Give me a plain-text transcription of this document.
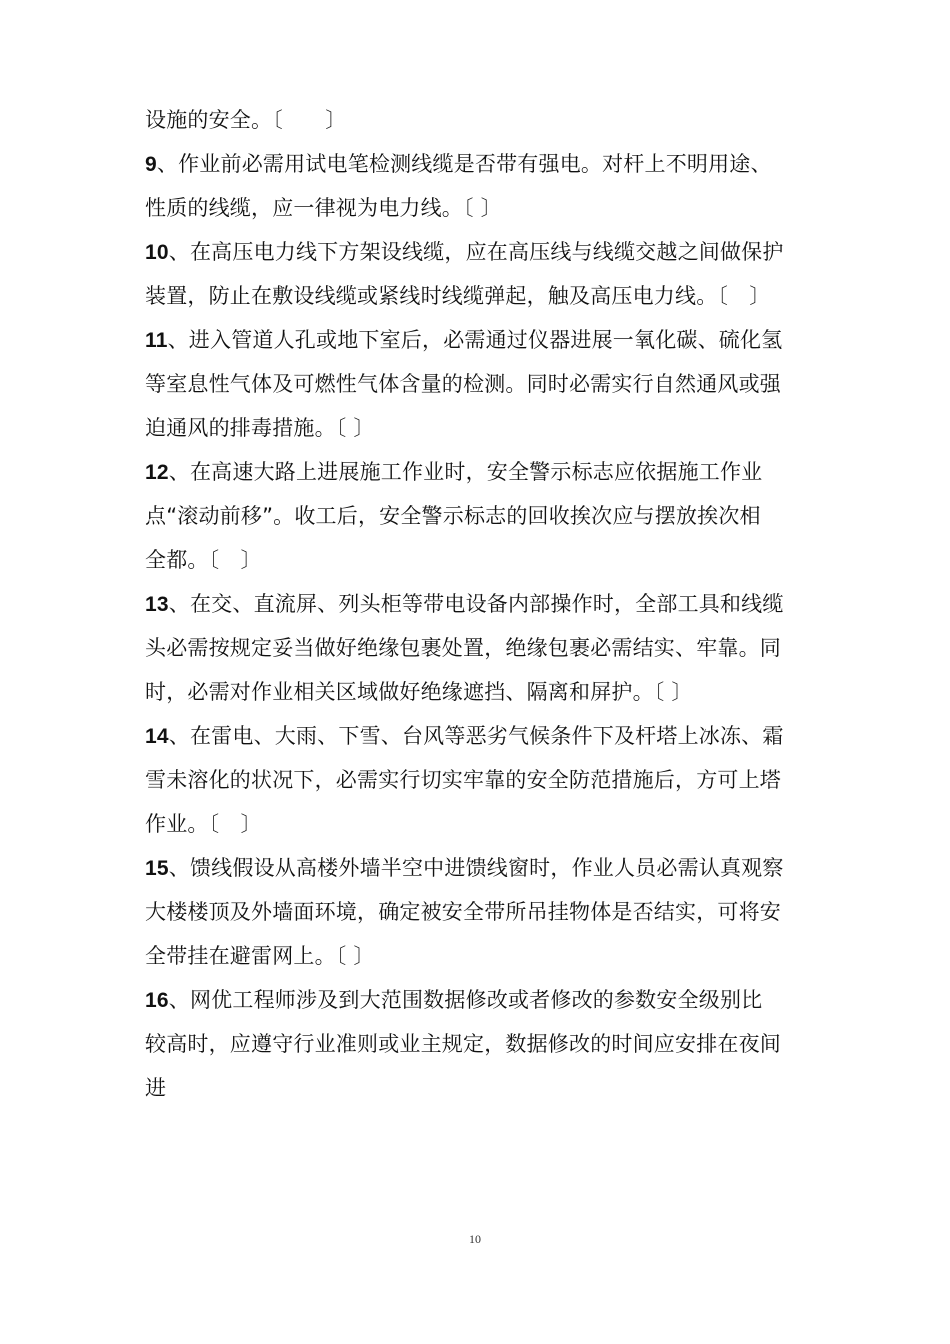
设施的安全。〔　　〕
9、作业前必需用试电笔检测线缆是否带有强电。对杆上不明用途、
性质的线缆，应一律视为电力线。〔 〕
10、在高压电力线下方架设线缆，应在高压线与线缆交越之间做保护
装置，防止在敷设线缆或紧线时线缆弹起，触及高压电力线。〔　〕
11、进入管道人孔或地下室后，必需通过仪器进展一氧化碳、硫化氢
等室息性气体及可燃性气体含量的检测。同时必需实行自然通风或强
迫通风的排毒措施。〔 〕
12、在高速大路上进展施工作业时，安全警示标志应依据施工作业
点“滚动前移”。收工后，安全警示标志的回收挨次应与摆放挨次相
全都。〔　〕
13、在交、直流屏、列头柜等带电设备内部操作时，全部工具和线缆
头必需按规定妥当做好绝缘包裹处置，绝缘包裹必需结实、牢靠。同
时，必需对作业相关区域做好绝缘遮挡、隔离和屏护。〔 〕
14、在雷电、大雨、下雪、台风等恶劣气候条件下及杆塔上冰冻、霜
雪未溶化的状况下，必需实行切实牢靠的安全防范措施后，方可上塔
作业。〔　〕
15、馈线假设从高楼外墙半空中进馈线窗时，作业人员必需认真观察
大楼楼顶及外墙面环境，确定被安全带所吊挂物体是否结实，可将安
全带挂在避雷网上。〔 〕
16、网优工程师涉及到大范围数据修改或者修改的参数安全级别比
较高时，应遵守行业准则或业主规定，数据修改的时间应安排在夜间
进
10
